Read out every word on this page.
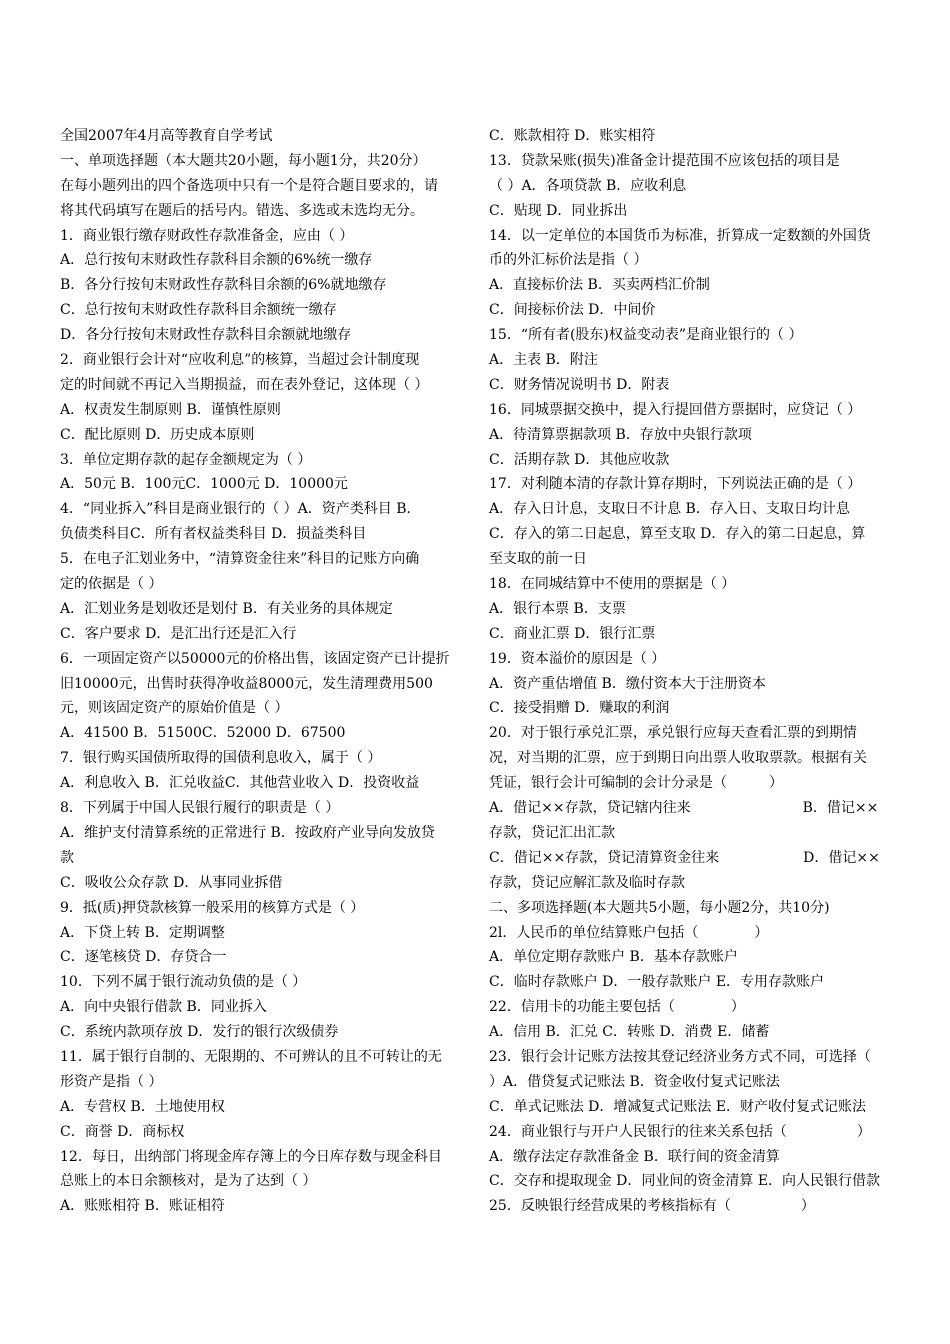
全国2007年4月高等教育自学考试
一、单项选择题（本大题共20小题，每小题1分，共20分）
在每小题列出的四个备选项中只有一个是符合题目要求的，请
将其代码填写在题后的括号内。错选、多选或未选均无分。
1．商业银行缴存财政性存款准备金，应由（ ）
A．总行按旬末财政性存款科目余额的6%统一缴存
B．各分行按旬末财政性存款科目余额的6%就地缴存
C．总行按旬末财政性存款科目余额统一缴存
D．各分行按旬末财政性存款科目余额就地缴存
2．商业银行会计对“应收利息”的核算，当超过会计制度现
定的时间就不再记入当期损益，而在表外登记，这体现（ ）
A．权责发生制原则 B．谨慎性原则
C．配比原则 D．历史成本原则
3．单位定期存款的起存金额规定为（ ）
A．50元 B．100元C．1000元 D．10000元
4．“同业拆入”科目是商业银行的（ ）A．资产类科目 B．
负债类科目C．所有者权益类科目 D．损益类科目
5．在电子汇划业务中，“清算资金往来”科目的记账方向确
定的依据是（ ）
A．汇划业务是划收还是划付 B．有关业务的具体规定
C．客户要求 D．是汇出行还是汇入行
6．一项固定资产以50000元的价格出售，该固定资产已计提折
旧10000元，出售时获得净收益8000元，发生清理费用500
元，则该固定资产的原始价值是（ ）
A．41500 B．51500C．52000 D．67500
7．银行购买国债所取得的国债利息收入，属于（ ）
A．利息收入 B．汇兑收益C．其他营业收入 D．投资收益
8．下列属于中国人民银行履行的职责是（ ）
A．维护支付清算系统的正常进行 B．按政府产业导向发放贷
款
C．吸收公众存款 D．从事同业拆借
9．抵(质)押贷款核算一般采用的核算方式是（ ）
A．下贷上转 B．定期调整
C．逐笔核贷 D．存贷合一
10．下列不属于银行流动负债的是（ ）
A．向中央银行借款 B．同业拆入
C．系统内款项存放 D．发行的银行次级债券
11．属于银行自制的、无限期的、不可辨认的且不可转让的无
形资产是指（ ）
A．专营权 B．土地使用权
C．商誉 D．商标权
12．每日，出纳部门将现金库存簿上的今日库存数与现金科目
总账上的本日余额核对，是为了达到（ ）
A．账账相符 B．账证相符
C．账款相符 D．账实相符
13．贷款呆账(损失)准备金计提范围不应该包括的项目是
（ ）A．各项贷款 B．应收利息
C．贴现 D．同业拆出
14．以一定单位的本国货币为标准，折算成一定数额的外国货
币的外汇标价法是指（ ）
A．直接标价法 B．买卖两档汇价制
C．间接标价法 D．中间价
15．“所有者(股东)权益变动表”是商业银行的（ ）
A．主表 B．附注
C．财务情况说明书 D．附表
16．同城票据交换中，提入行提回借方票据时，应贷记（ ）
A．待清算票据款项 B．存放中央银行款项
C．活期存款 D．其他应收款
17．对利随本清的存款计算存期时，下列说法正确的是（ ）
A．存入日计息，支取日不计息 B．存入日、支取日均计息
C．存入的第二日起息，算至支取 D．存入的第二日起息，算
至支取的前一日
18．在同城结算中不使用的票据是（ ）
A．银行本票 B．支票
C．商业汇票 D．银行汇票
19．资本溢价的原因是（ ）
A．资产重估增值 B．缴付资本大于注册资本
C．接受捐赠 D．赚取的利润
20．对于银行承兑汇票，承兑银行应每天查看汇票的到期情
况，对当期的汇票，应于到期日向出票人收取票款。根据有关
凭证，银行会计可编制的会计分录是（　　　）
A．借记××存款，贷记辖内往来　　　　　　　　B．借记××
存款，贷记汇出汇款
C．借记××存款，贷记清算资金往来　　　　　　D．借记××
存款，贷记应解汇款及临时存款
二、多项选择题(本大题共5小题，每小题2分，共10分)
2l．人民币的单位结算账户包括（　　　　）
A．单位定期存款账户 B．基本存款账户
C．临时存款账户 D．一般存款账户 E．专用存款账户
22．信用卡的功能主要包括（　　　　）
A．信用 B．汇兑 C．转账 D．消费 E．储蓄
23．银行会计记账方法按其登记经济业务方式不同，可选择（
）A．借贷复式记账法 B．资金收付复式记账法
C．单式记账法 D．增减复式记账法 E．财产收付复式记账法
24．商业银行与开户人民银行的往来关系包括（　　　　　）
A．缴存法定存款准备金 B．联行间的资金清算
C．交存和提取现金 D．同业间的资金清算 E．向人民银行借款
25．反映银行经营成果的考核指标有（　　　　　）
